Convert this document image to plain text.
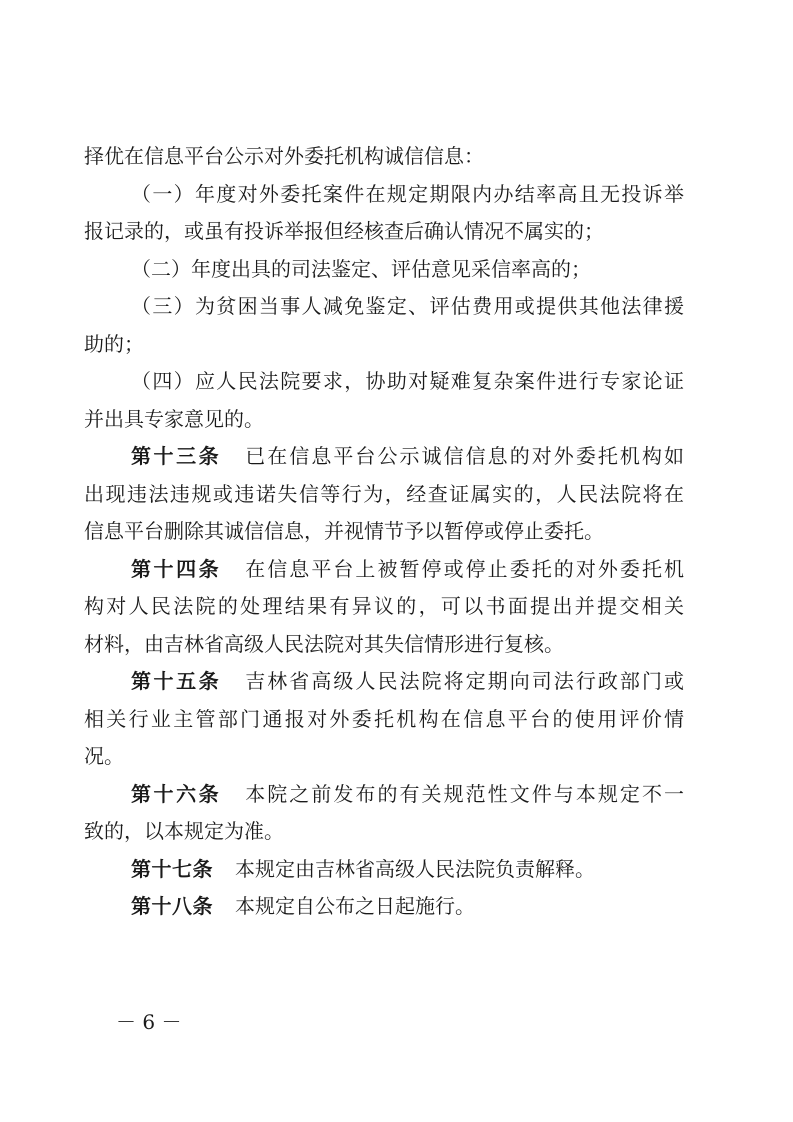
择优在信息平台公示对外委托机构诚信信息：
（一）年度对外委托案件在规定期限内办结率高且无投诉举
报记录的，或虽有投诉举报但经核查后确认情况不属实的；
（二）年度出具的司法鉴定、评估意见采信率高的；
（三）为贫困当事人减免鉴定、评估费用或提供其他法律援
助的；
（四）应人民法院要求，协助对疑难复杂案件进行专家论证
并出具专家意见的。
第十三条 已在信息平台公示诚信信息的对外委托机构如
出现违法违规或违诺失信等行为，经查证属实的，人民法院将在
信息平台删除其诚信信息，并视情节予以暂停或停止委托。
第十四条 在信息平台上被暂停或停止委托的对外委托机
构对人民法院的处理结果有异议的，可以书面提出并提交相关
材料，由吉林省高级人民法院对其失信情形进行复核。
第十五条 吉林省高级人民法院将定期向司法行政部门或
相关行业主管部门通报对外委托机构在信息平台的使用评价情
况。
第十六条 本院之前发布的有关规范性文件与本规定不一
致的，以本规定为准。
第十七条 本规定由吉林省高级人民法院负责解释。
第十八条 本规定自公布之日起施行。
－ 6 －
